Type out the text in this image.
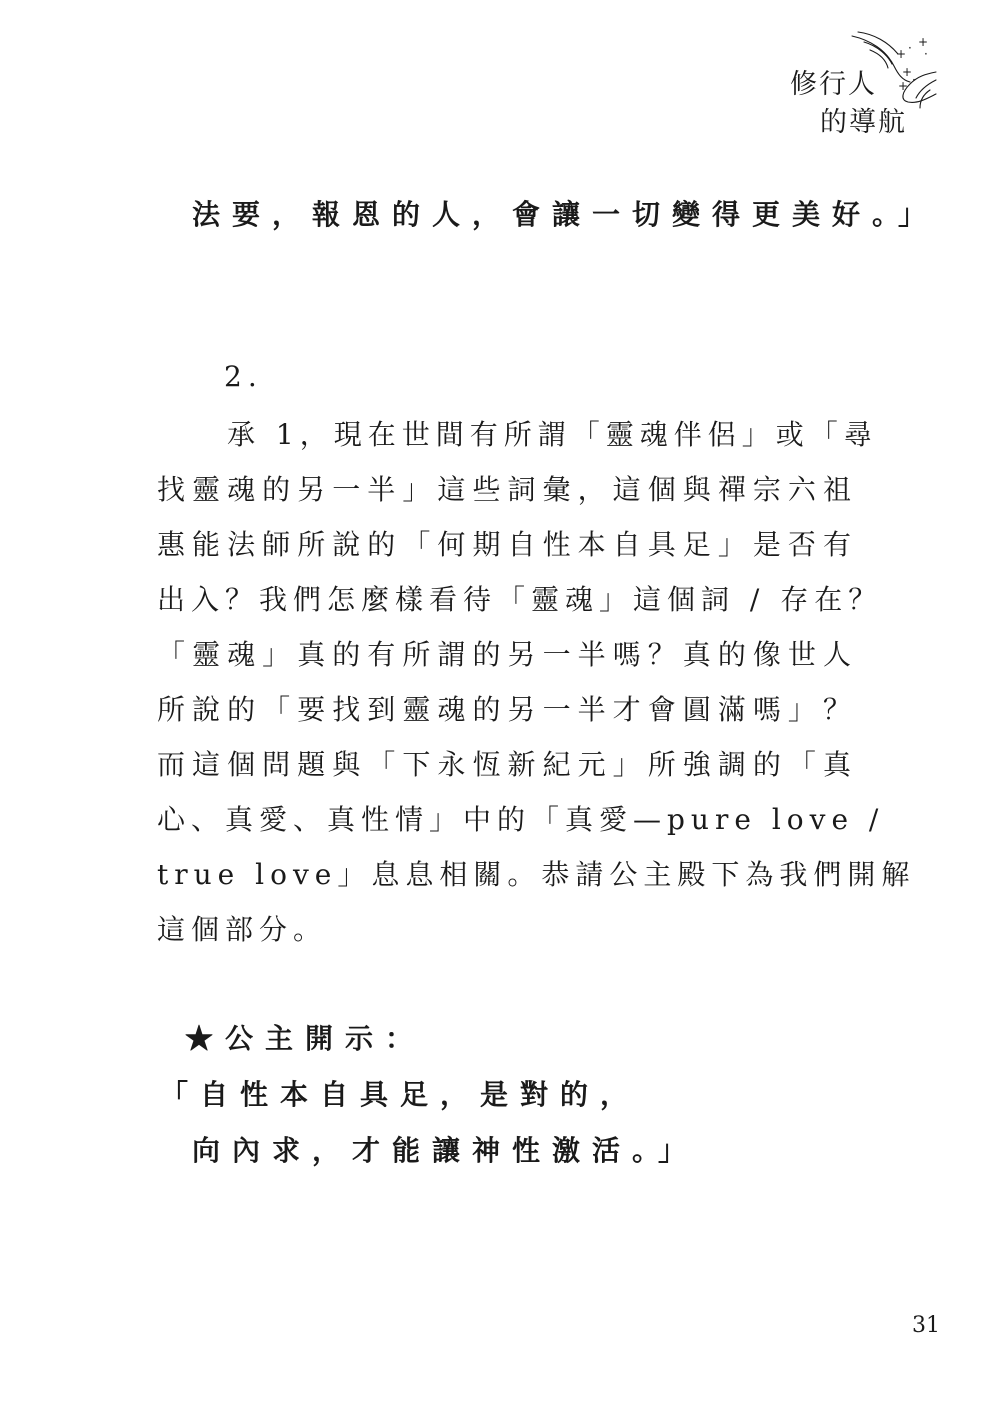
+ · +
+
·
+
·
修行人
的導航
法要，報恩的人，會讓一切變得更美好。」
2.
承 1，現在世間有所謂「靈魂伴侶」或「尋
找靈魂的另一半」這些詞彙，這個與禪宗六祖
惠能法師所說的「何期自性本自具足」是否有
出入？我們怎麼樣看待「靈魂」這個詞 / 存在？
「靈魂」真的有所謂的另一半嗎？真的像世人
所說的「要找到靈魂的另一半才會圓滿嗎」？
而這個問題與「下永恆新紀元」所強調的「真
心、真愛、真性情」中的「真愛—pure love /
true love」息息相關。恭請公主殿下為我們開解
這個部分。
★公主開示：
「自性本自具足，是對的，
向內求，才能讓神性激活。」
31
